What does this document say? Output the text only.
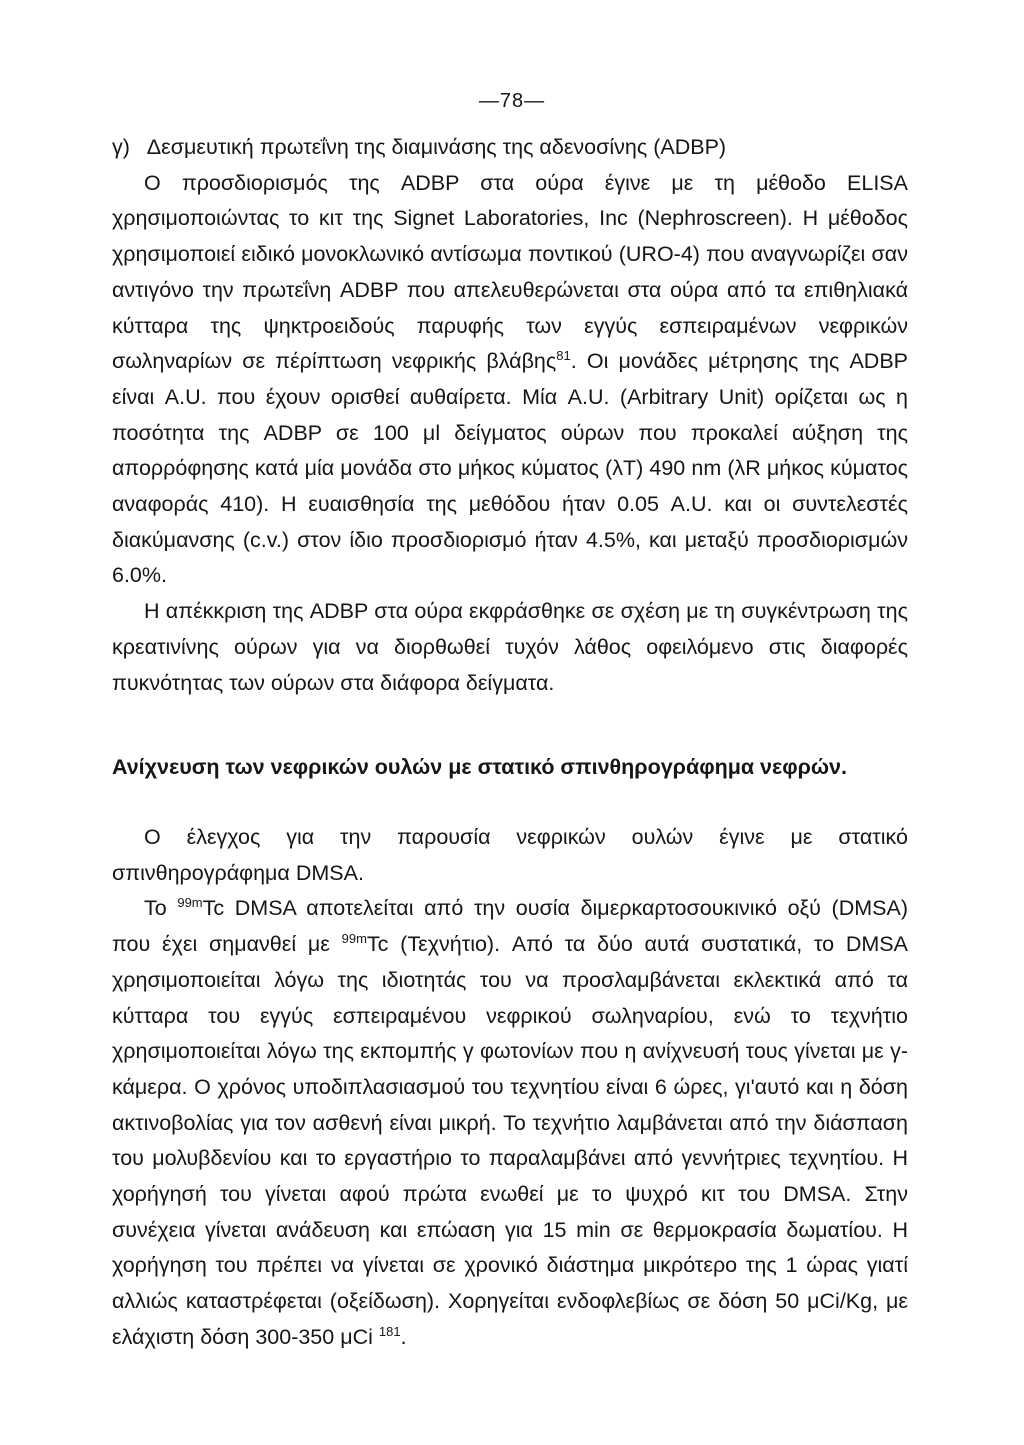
—78—

γ) Δεσμευτική πρωτεΐνη της διαμινάσης της αδενοσίνης (ADBP)

O προσδιορισμός της ADBP στα ούρα έγινε με τη μέθοδο ELISA χρησιμοποιώντας το κιτ της Signet Laboratories, Inc (Nephroscreen). Η μέθοδος χρησιμοποιεί ειδικό μονοκλωνικό αντίσωμα ποντικού (URO-4) που αναγνωρίζει σαν αντιγόνο την πρωτεΐνη ADBP που απελευθερώνεται στα ούρα από τα επιθηλιακά κύτταρα της ψηκτροειδούς παρυφής των εγγύς εσπειραμένων νεφρικών σωληναρίων σε πέρίπτωση νεφρικής βλάβης$^{81}$. Οι μονάδες μέτρησης της ADBP είναι A.U. που έχουν ορισθεί αυθαίρετα. Μία A.U. (Arbitrary Unit) ορίζεται ως η ποσότητα της ADBP σε 100 μl δείγματος ούρων που προκαλεί αύξηση της απορρόφησης κατά μία μονάδα στο μήκος κύματος (λT) 490 nm (λR μήκος κύματος αναφοράς 410). Η ευαισθησία της μεθόδου ήταν 0.05 A.U. και οι συντελεστές διακύμανσης (c.v.) στον ίδιο προσδιορισμό ήταν 4.5%, και μεταξύ προσδιορισμών 6.0%.

Η απέκκριση της ADBP στα ούρα εκφράσθηκε σε σχέση με τη συγκέντρωση της κρεατινίνης ούρων για να διορθωθεί τυχόν λάθος οφειλόμενο στις διαφορές πυκνότητας των ούρων στα διάφορα δείγματα.

Ανίχνευση των νεφρικών ουλών με στατικό σπινθηρογράφημα νεφρών.

Ο έλεγχος για την παρουσία νεφρικών ουλών έγινε με στατικό σπινθηρογράφημα DMSA.

Το $^{99m}$Tc DMSA αποτελείται από την ουσία διμερκαρτοσουκινικό οξύ (DMSA) που έχει σημανθεί με $^{99m}$Tc (Τεχνήτιο). Από τα δύο αυτά συστατικά, το DMSA χρησιμοποιείται λόγω της ιδιοτητάς του να προσλαμβάνεται εκλεκτικά από τα κύτταρα του εγγύς εσπειραμένου νεφρικού σωληναρίου, ενώ το τεχνήτιο χρησιμοποιείται λόγω της εκπομπής γ φωτονίων που η ανίχνευσή τους γίνεται με γ-κάμερα. Ο χρόνος υποδιπλασιασμού του τεχνητίου είναι 6 ώρες, γι'αυτό και η δόση ακτινοβολίας για τον ασθενή είναι μικρή. Το τεχνήτιο λαμβάνεται από την διάσπαση του μολυβδενίου και το εργαστήριο το παραλαμβάνει από γεννήτριες τεχνητίου. Η χορήγησή του γίνεται αφού πρώτα ενωθεί με το ψυχρό κιτ του DMSA. Στην συνέχεια γίνεται ανάδευση και επώαση για 15 min σε θερμοκρασία δωματίου. Η χορήγηση του πρέπει να γίνεται σε χρονικό διάστημα μικρότερο της 1 ώρας γιατί αλλιώς καταστρέφεται (οξείδωση). Χορηγείται ενδοφλεβίως σε δόση 50 μCi/Kg, με ελάχιστη δόση 300-350 μCi $^{181}$.
